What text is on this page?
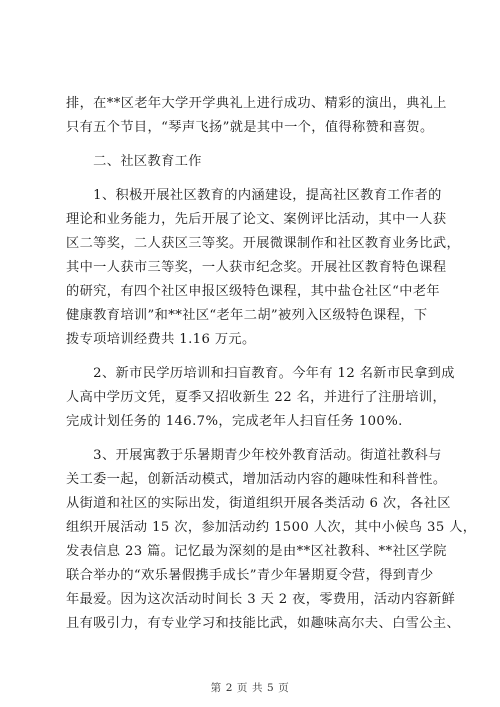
排，在**区老年大学开学典礼上进行成功、精彩的演出，典礼上
只有五个节目，“琴声飞扬”就是其中一个，值得称赞和喜贺。
　　二、社区教育工作
　　1、积极开展社区教育的内涵建设，提高社区教育工作者的
理论和业务能力，先后开展了论文、案例评比活动，其中一人获
区二等奖，二人获区三等奖。开展微课制作和社区教育业务比武，
其中一人获市三等奖，一人获市纪念奖。开展社区教育特色课程
的研究，有四个社区申报区级特色课程，其中盐仓社区“中老年
健康教育培训”和**社区“老年二胡”被列入区级特色课程，下
拨专项培训经费共 1.16 万元。
　　2、新市民学历培训和扫盲教育。今年有 12 名新市民拿到成
人高中学历文凭，夏季又招收新生 22 名，并进行了注册培训，
完成计划任务的 146.7%，完成老年人扫盲任务 100%.
　　3、开展寓教于乐暑期青少年校外教育活动。街道社教科与
关工委一起，创新活动模式，增加活动内容的趣味性和科普性。
从街道和社区的实际出发，街道组织开展各类活动 6 次，各社区
组织开展活动 15 次，参加活动约 1500 人次，其中小候鸟 35 人，
发表信息 23 篇。记忆最为深刻的是由**区社教科、**社区学院
联合举办的“欢乐暑假携手成长”青少年暑期夏令营，得到青少
年最爱。因为这次活动时间长 3 天 2 夜，零费用，活动内容新鲜
且有吸引力，有专业学习和技能比武，如趣味高尔夫、白雪公主、
第 2 页 共 5 页
